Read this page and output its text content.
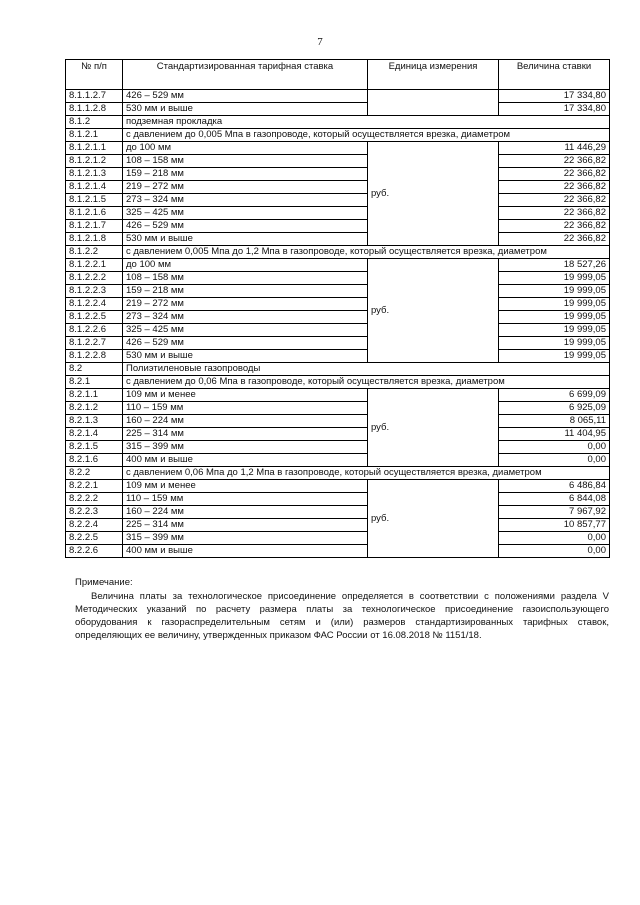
7
№ п/п	Стандартизированная тарифная ставка	Единица измерения	Величина ставки
8.1.1.2.7	426 – 529 мм		17 334,80
8.1.1.2.8	530 мм и выше		17 334,80
8.1.2	подземная прокладка		
8.1.2.1	с давлением до 0,005 Мпа в газопроводе, который осуществляется врезка, диаметром		
8.1.2.1.1	до 100 мм	руб.	11 446,29
8.1.2.1.2	108 – 158 мм		22 366,82
8.1.2.1.3	159 – 218 мм		22 366,82
8.1.2.1.4	219 – 272 мм		22 366,82
8.1.2.1.5	273 – 324 мм		22 366,82
8.1.2.1.6	325 – 425 мм		22 366,82
8.1.2.1.7	426 – 529 мм		22 366,82
8.1.2.1.8	530 мм и выше		22 366,82
8.1.2.2	с давлением 0,005 Мпа до 1,2 Мпа в газопроводе, который осуществляется врезка, диаметром		
8.1.2.2.1	до 100 мм	руб.	18 527,26
8.1.2.2.2	108 – 158 мм		19 999,05
8.1.2.2.3	159 – 218 мм		19 999,05
8.1.2.2.4	219 – 272 мм		19 999,05
8.1.2.2.5	273 – 324 мм		19 999,05
8.1.2.2.6	325 – 425 мм		19 999,05
8.1.2.2.7	426 – 529 мм		19 999,05
8.1.2.2.8	530 мм и выше		19 999,05
8.2	Полиэтиленовые газопроводы		
8.2.1	с давлением до 0,06 Мпа в газопроводе, который осуществляется врезка, диаметром		
8.2.1.1	109 мм и менее	руб.	6 699,09
8.2.1.2	110 – 159 мм		6 925,09
8.2.1.3	160 – 224 мм		8 065,11
8.2.1.4	225 – 314 мм		11 404,95
8.2.1.5	315 – 399 мм		0,00
8.2.1.6	400 мм и выше		0,00
8.2.2	с давлением 0,06 Мпа до 1,2 Мпа в газопроводе, который осуществляется врезка, диаметром		
8.2.2.1	109 мм и менее	руб.	6 486,84
8.2.2.2	110 – 159 мм		6 844,08
8.2.2.3	160 – 224 мм		7 967,92
8.2.2.4	225 – 314 мм		10 857,77
8.2.2.5	315 – 399 мм		0,00
8.2.2.6	400 мм и выше		0,00

Примечание:

Величина платы за технологическое присоединение определяется в соответствии с положениями раздела V Методических указаний по расчету размера платы за технологическое присоединение газоиспользующего оборудования к газораспределительным сетям и (или) размеров стандартизированных тарифных ставок, определяющих ее величину, утвержденных приказом ФАС России от 16.08.2018 № 1151/18.
